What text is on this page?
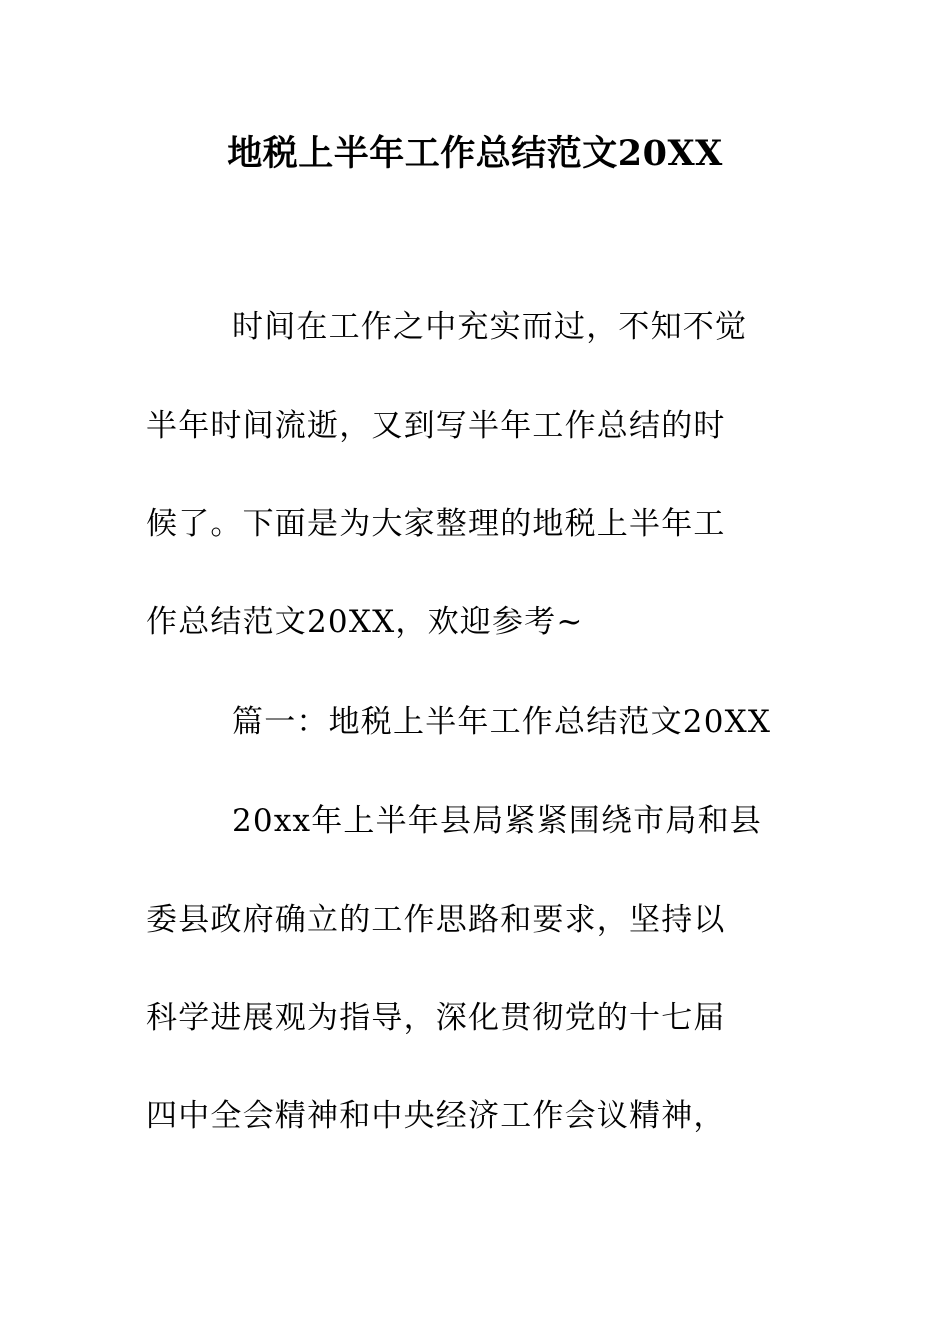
地税上半年工作总结范文20XX
时间在工作之中充实而过，不知不觉
半年时间流逝，又到写半年工作总结的时
候了。下面是为大家整理的地税上半年工
作总结范文20XX，欢迎参考~
篇一：地税上半年工作总结范文20XX
20xx年上半年县局紧紧围绕市局和县
委县政府确立的工作思路和要求，坚持以
科学进展观为指导，深化贯彻党的十七届
四中全会精神和中央经济工作会议精神，
